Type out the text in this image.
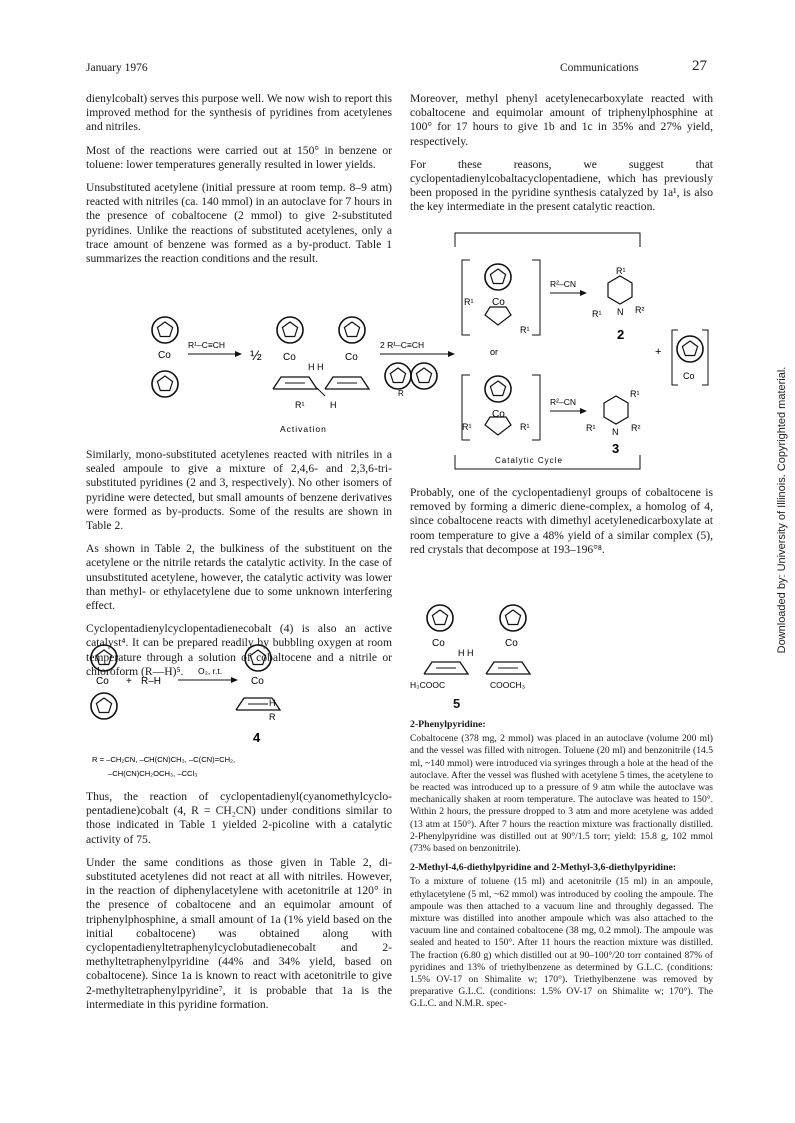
January 1976	Communications	27

dienylcobalt) serves this purpose well. We now wish to report this improved method for the synthesis of pyridines from acetylenes and nitriles.

Most of the reactions were carried out at 150° in benzene or toluene: lower temperatures generally resulted in lower yields.

Unsubstituted acetylene (initial pressure at room temp. 8–9 atm) reacted with nitriles (ca. 140 mmol) in an autoclave for 7 hours in the presence of cobaltocene (2 mmol) to give 2-substituted pyridines. Unlike the reactions of substituted acetylenes, only a trace amount of benzene was formed as a by-product. Table 1 summarizes the reaction conditions and the result.

Co
R¹–C≡CH
½ Co	Co
H H
R¹	H
Activation
2 R¹–C≡CH
R
Co
R¹
R¹
R²–CN
R¹
R¹ N R²
2
or	+
Co
Co
R¹	R¹
R²–CN
R¹
R¹ N R²
3
Catalytic Cycle

Similarly, mono-substituted acetylenes reacted with nitriles in a sealed ampoule to give a mixture of 2,4,6- and 2,3,6-tri-substituted pyridines (2 and 3, respectively). No other isomers of pyridine were detected, but small amounts of benzene derivatives were formed as by-products. Some of the results are shown in Table 2.

As shown in Table 2, the bulkiness of the substituent on the acetylene or the nitrile retards the catalytic activity. In the case of unsubstituted acetylene, however, the catalytic activity was lower than methyl- or ethylacetylene due to some unknown interfering effect.

Cyclopentadienylcyclopentadienecobalt (4) is also an active catalyst⁴. It can be prepared readily by bubbling oxygen at room temperature through a solution of cobaltocene and a nitrile or chloroform (R—H)⁵.

Co + R–H
O₂, r.t.
Co
H
R
4
R = –CH₂CN, –CH(CN)CH₃, –C(CN)=CH₂,
–CH(CN)CH₂OCH₃, –CCl₃

Thus, the reaction of cyclopentadienyl(cyanomethylcyclo-pentadiene)cobalt (4, R = CH₂CN) under conditions similar to those indicated in Table 1 yielded 2-picoline with a catalytic activity of 75.

Under the same conditions as those given in Table 2, di-substituted acetylenes did not react at all with nitriles. However, in the reaction of diphenylacetylene with acetonitrile at 120° in the presence of cobaltocene and an equimolar amount of triphenylphosphine, a small amount of 1a (1% yield based on the initial cobaltocene) was obtained along with cyclopentadienyltetraphenylcyclobutadienecobalt and 2-methyltetraphenylpyridine (44% and 34% yield, based on cobaltocene). Since 1a is known to react with acetonitrile to give 2-methyltetraphenylpyridine⁷, it is probable that 1a is the intermediate in this pyridine formation.

Moreover, methyl phenyl acetylenecarboxylate reacted with cobaltocene and equimolar amount of triphenylphosphine at 100° for 17 hours to give 1b and 1c in 35% and 27% yield, respectively.

For these reasons, we suggest that cyclopentadienylcobaltacyclopentadiene, which has previously been proposed in the pyridine synthesis catalyzed by 1a¹, is also the key intermediate in the present catalytic reaction.

Probably, one of the cyclopentadienyl groups of cobaltocene is removed by forming a dimeric diene-complex, a homolog of 4, since cobaltocene reacts with dimethyl acetylenedicarboxylate at room temperature to give a 48% yield of a similar complex (5), red crystals that decompose at 193–196°⁸.

Co	Co
H H
H₃COOC	COOCH₃
5
2-Phenylpyridine:

Cobaltocene (378 mg, 2 mmol) was placed in an autoclave (volume 200 ml) and the vessel was filled with nitrogen. Toluene (20 ml) and benzonitrile (14.5 ml, ~140 mmol) were introduced via syringes through a hole at the head of the autoclave. After the vessel was flushed with acetylene 5 times, the acetylene to be reacted was introduced up to a pressure of 9 atm while the autoclave was mechanically shaken at room temperature. The autoclave was heated to 150°. Within 2 hours, the pressure dropped to 3 atm and more acetylene was added (13 atm at 150°). After 7 hours the reaction mixture was fractionally distilled. 2-Phenylpyridine was distilled out at 90°/1.5 torr; yield: 15.8 g, 102 mmol (73% based on benzonitrile).

2-Methyl-4,6-diethylpyridine and 2-Methyl-3,6-diethylpyridine:

To a mixture of toluene (15 ml) and acetonitrile (15 ml) in an ampoule, ethylacetylene (5 ml, ~62 mmol) was introduced by cooling the ampoule. The ampoule was then attached to a vacuum line and throughly degassed. The mixture was distilled into another ampoule which was also attached to the vacuum line and contained cobaltocene (38 mg, 0.2 mmol). The ampoule was sealed and heated to 150°. After 11 hours the reaction mixture was distilled. The fraction (6.80 g) which distilled out at 90–100°/20 torr contained 87% of pyridines and 13% of triethylbenzene as determined by G.L.C. (conditions: 1.5% OV-17 on Shimalite w; 170°). Triethylbenzene was removed by preparative G.L.C. (conditions: 1.5% OV-17 on Shimalite w; 170°). The G.L.C. and N.M.R. spec-

Downloaded by: University of Illinois. Copyrighted material.
